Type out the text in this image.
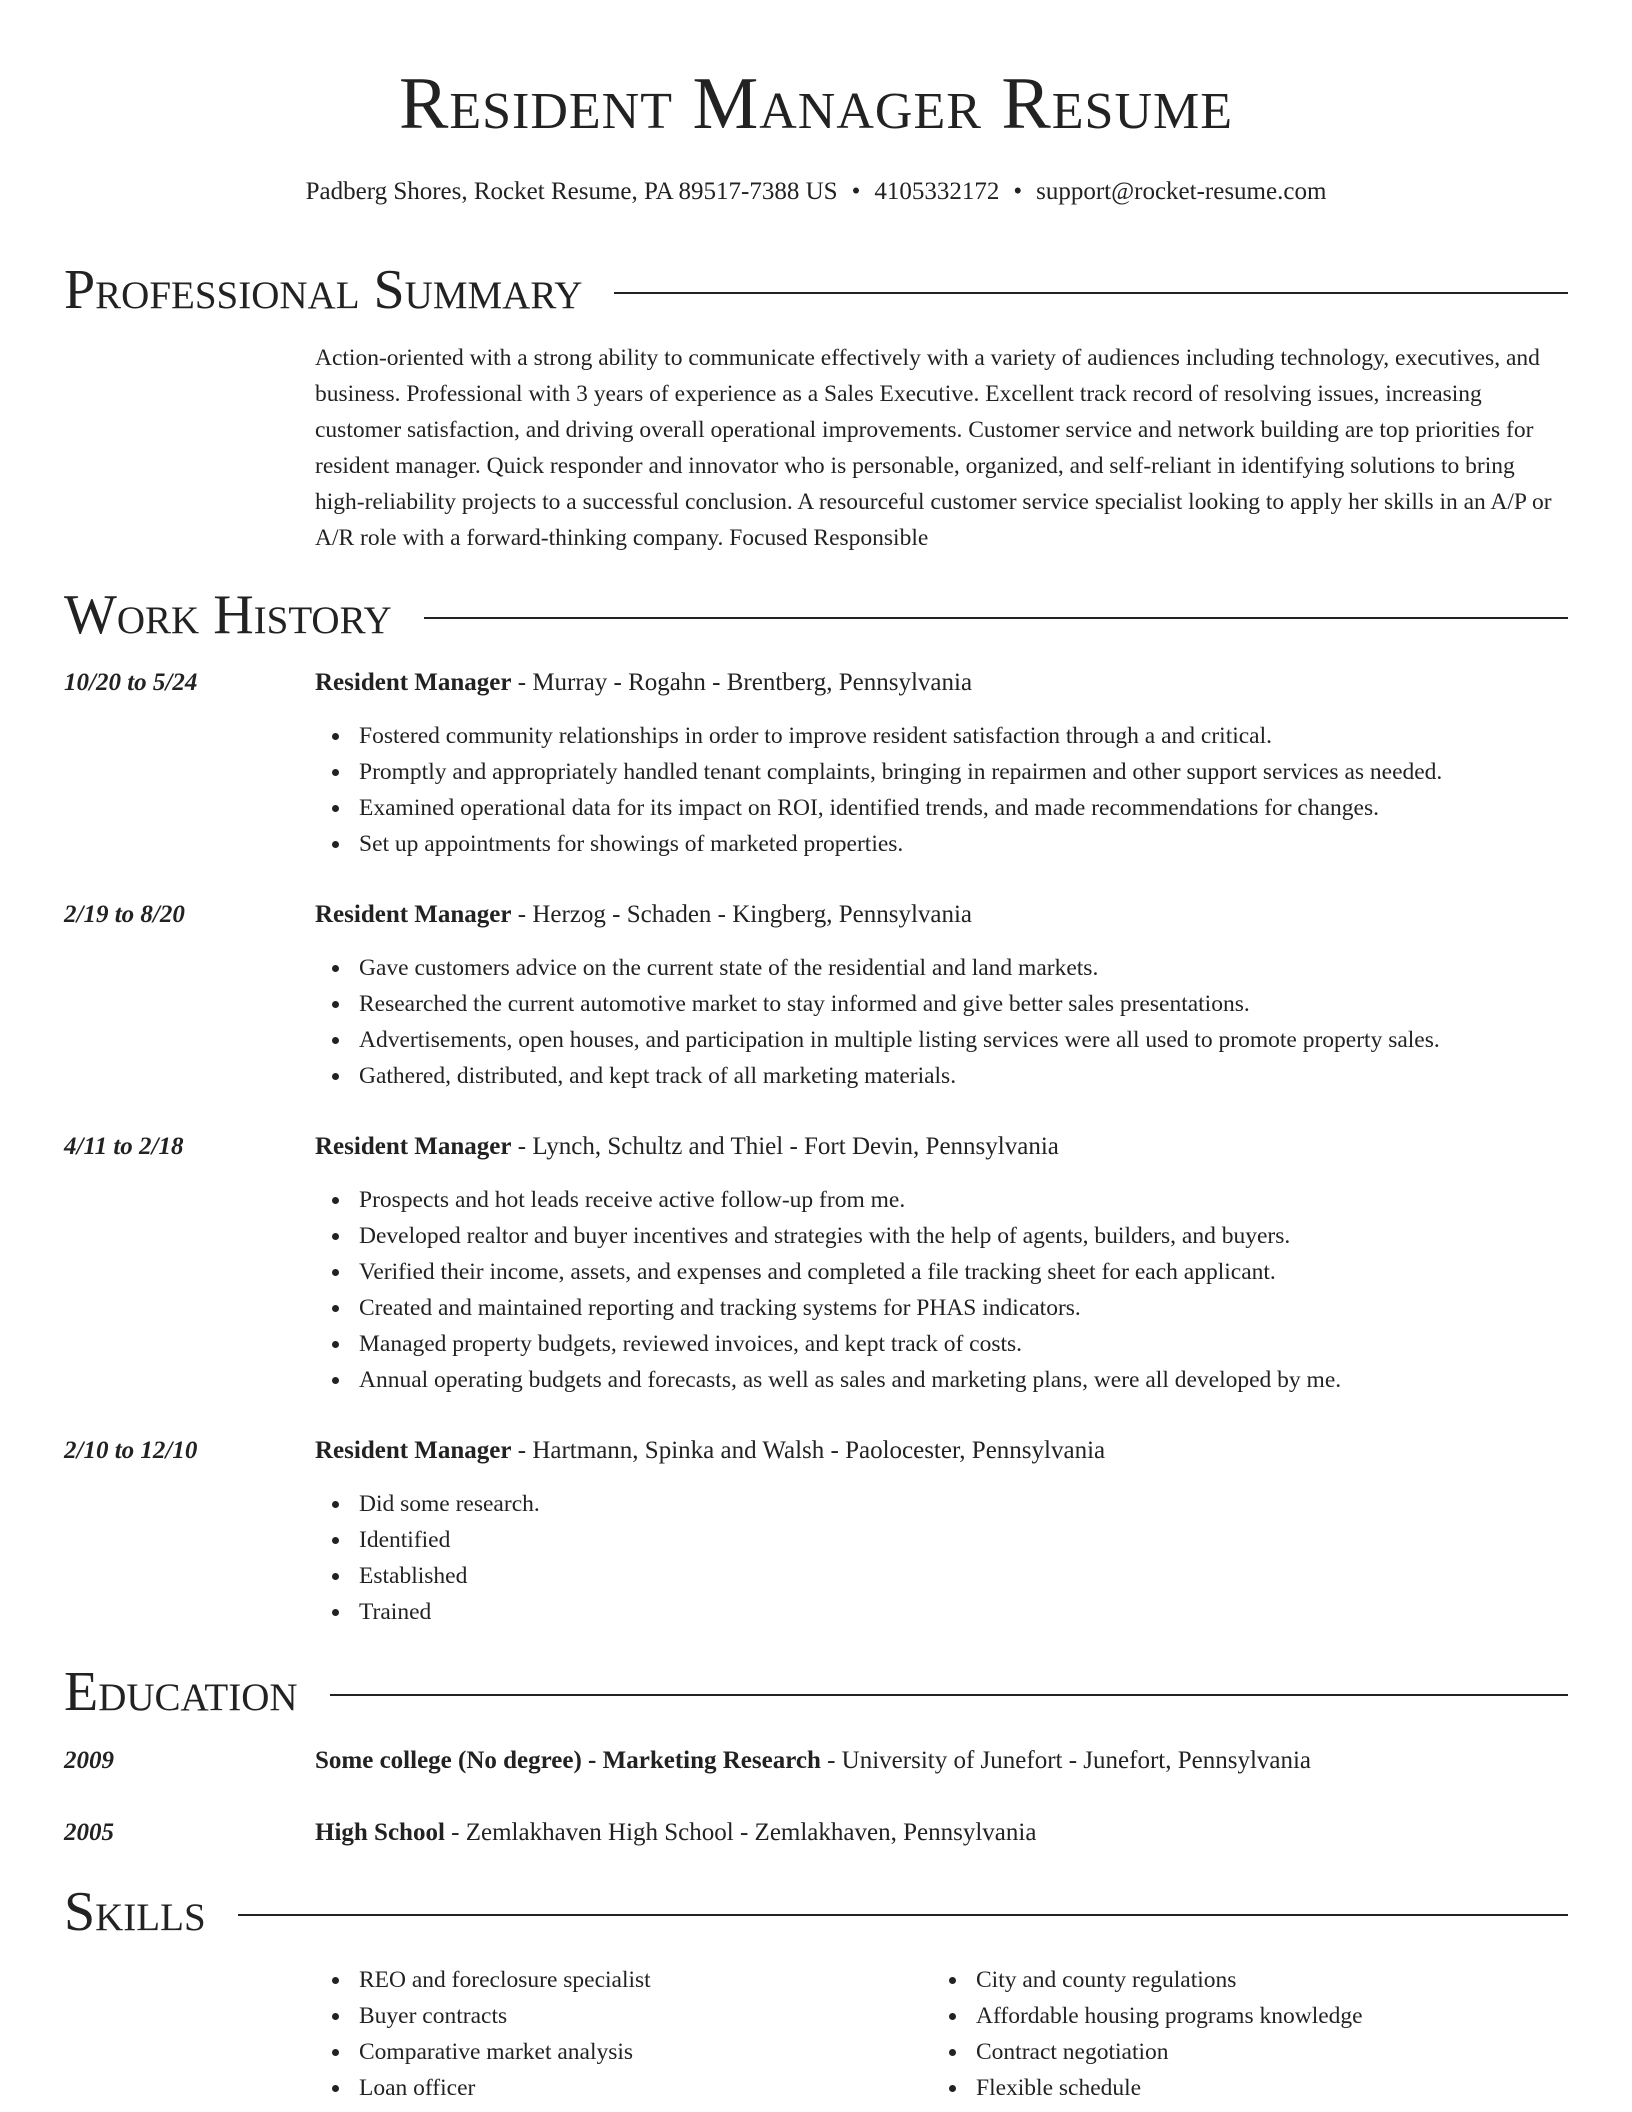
Resident Manager Resume
Padberg Shores, Rocket Resume, PA 89517-7388 US • 4105332172 • support@rocket-resume.com
Professional Summary

Action-oriented with a strong ability to communicate effectively with a variety of audiences including technology, executives, and business. Professional with 3 years of experience as a Sales Executive. Excellent track record of resolving issues, increasing customer satisfaction, and driving overall operational improvements. Customer service and network building are top priorities for resident manager. Quick responder and innovator who is personable, organized, and self-reliant in identifying solutions to bring high-reliability projects to a successful conclusion. A resourceful customer service specialist looking to apply her skills in an A/P or A/R role with a forward-thinking company. Focused Responsible

Work History
10/20 to 5/24	Resident Manager - Murray - Rogahn - Brentberg, Pennsylvania
Fostered community relationships in order to improve resident satisfaction through a and critical.
Promptly and appropriately handled tenant complaints, bringing in repairmen and other support services as needed.
Examined operational data for its impact on ROI, identified trends, and made recommendations for changes.
Set up appointments for showings of marketed properties.
2/19 to 8/20	Resident Manager - Herzog - Schaden - Kingberg, Pennsylvania
Gave customers advice on the current state of the residential and land markets.
Researched the current automotive market to stay informed and give better sales presentations.
Advertisements, open houses, and participation in multiple listing services were all used to promote property sales.
Gathered, distributed, and kept track of all marketing materials.
4/11 to 2/18	Resident Manager - Lynch, Schultz and Thiel - Fort Devin, Pennsylvania
Prospects and hot leads receive active follow-up from me.
Developed realtor and buyer incentives and strategies with the help of agents, builders, and buyers.
Verified their income, assets, and expenses and completed a file tracking sheet for each applicant.
Created and maintained reporting and tracking systems for PHAS indicators.
Managed property budgets, reviewed invoices, and kept track of costs.
Annual operating budgets and forecasts, as well as sales and marketing plans, were all developed by me.
2/10 to 12/10	Resident Manager - Hartmann, Spinka and Walsh - Paolocester, Pennsylvania
Did some research.
Identified
Established
Trained
Education
2009	Some college (No degree) - Marketing Research - University of Junefort - Junefort, Pennsylvania
2005	High School - Zemlakhaven High School - Zemlakhaven, Pennsylvania
Skills
REO and foreclosure specialist
Buyer contracts
Comparative market analysis
Loan officer
City and county regulations
Affordable housing programs knowledge
Contract negotiation
Flexible schedule
